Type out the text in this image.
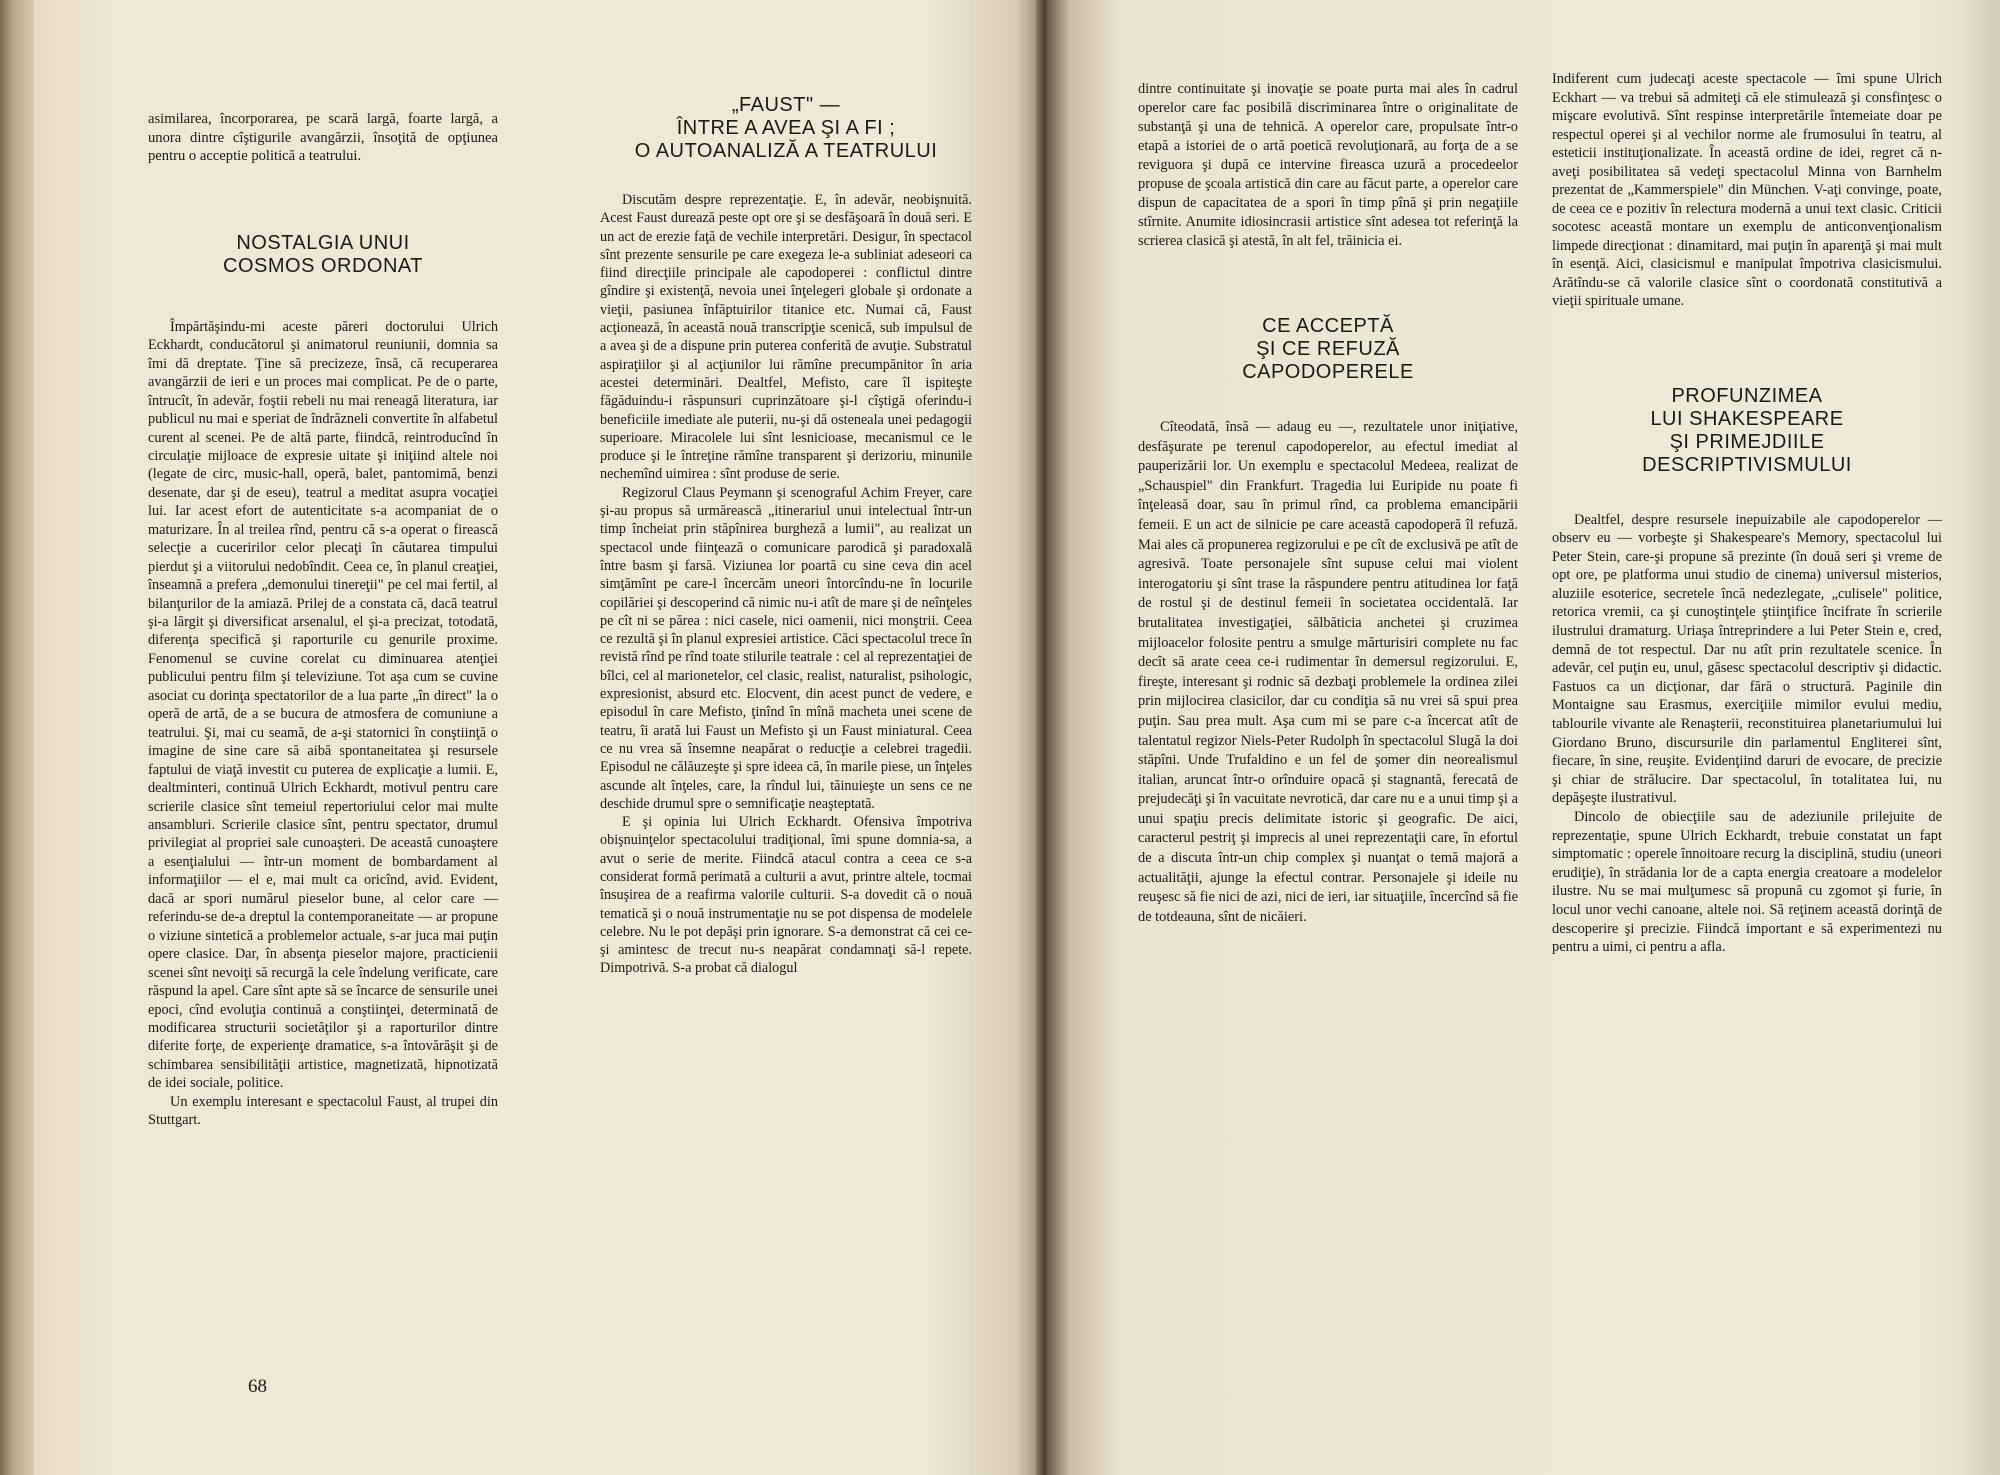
asimilarea, încorporarea, pe scară largă, foarte largă, a unora dintre cîştigurile avangărzii, însoţită de opţiunea pentru o acceptie politică a teatrului.

NOSTALGIA UNUI COSMOS ORDONAT

Împărtăşindu-mi aceste păreri doctorului Ulrich Eckhardt, conducătorul şi animatorul reuniunii, domnia sa îmi dă dreptate. Ţine să precizeze, însă, că recuperarea avangărzii de ieri e un proces mai complicat. Pe de o parte, întrucît, în adevăr, foştii rebeli nu mai reneagă literatura, iar publicul nu mai e speriat de îndrăzneli convertite în alfabetul curent al scenei. Pe de altă parte, fiindcă, reintroducînd în circulaţie mijloace de expresie uitate şi iniţiind altele noi (legate de circ, music-hall, operă, balet, pantomimă, benzi desenate, dar şi de eseu), teatrul a meditat asupra vocaţiei lui. Iar acest efort de autenticitate s-a acompaniat de o maturizare. În al treilea rînd, pentru că s-a operat o firească selecţie a cuceririlor celor plecaţi în căutarea timpului pierdut şi a viitorului nedobîndit. Ceea ce, în planul creaţiei, înseamnă a prefera „demonului tinereţii" pe cel mai fertil, al bilanţurilor de la amiază. Prilej de a constata că, dacă teatrul şi-a lărgit şi diversificat arsenalul, el şi-a precizat, totodată, diferenţa specifică şi raporturile cu genurile proxime. Fenomenul se cuvine corelat cu diminuarea atenţiei publicului pentru film şi televiziune. Tot aşa cum se cuvine asociat cu dorinţa spectatorilor de a lua parte „în direct" la o operă de artă, de a se bucura de atmosfera de comuniune a teatrului. Şi, mai cu seamă, de a-şi statornici în conştiinţă o imagine de sine care să aibă spontaneitatea şi resursele faptului de viaţă investit cu puterea de explicaţie a lumii. E, dealtminteri, continuă Ulrich Eckhardt, motivul pentru care scrierile clasice sînt temeiul repertoriului celor mai multe ansambluri. Scrierile clasice sînt, pentru spectator, drumul privilegiat al propriei sale cunoaşteri. De această cunoaştere a esenţialului — într-un moment de bombardament al informaţiilor — el e, mai mult ca oricînd, avid. Evident, dacă ar spori numărul pieselor bune, al celor care — referindu-se de-a dreptul la contemporaneitate — ar propune o viziune sintetică a problemelor actuale, s-ar juca mai puţin opere clasice. Dar, în absenţa pieselor majore, practicienii scenei sînt nevoiţi să recurgă la cele îndelung verificate, care răspund la apel. Care sînt apte să se încarce de sensurile unei epoci, cînd evoluţia continuă a conştiinţei, determinată de modificarea structurii societăţilor şi a raporturilor dintre diferite forţe, de experienţe dramatice, s-a întovărăşit şi de schimbarea sensibilităţii artistice, magnetizată, hipnotizată de idei sociale, politice.

Un exemplu interesant e spectacolul Faust, al trupei din Stuttgart.

„FAUST" —
ÎNTRE A AVEA ŞI A FI ;
O AUTOANALIZĂ A TEATRULUI

Discutăm despre reprezentaţie. E, în adevăr, neobişnuită. Acest Faust durează peste opt ore şi se desfăşoară în două seri. E un act de erezie faţă de vechile interpretări. Desigur, în spectacol sînt prezente sensurile pe care exegeza le-a subliniat adeseori ca fiind direcţiile principale ale capodoperei : conflictul dintre gîndire şi existenţă, nevoia unei înţelegeri globale şi ordonate a vieţii, pasiunea înfăptuirilor titanice etc. Numai că, Faust acţionează, în această nouă transcripţie scenică, sub impulsul de a avea şi de a dispune prin puterea conferită de avuţie. Substratul aspiraţiilor şi al acţiunilor lui rămîne precumpănitor în aria acestei determinări. Dealtfel, Mefisto, care îl ispiteşte făgăduindu-i răspunsuri cuprinzătoare şi-l cîştigă oferindu-i beneficiile imediate ale puterii, nu-şi dă osteneala unei pedagogii superioare. Miracolele lui sînt lesnicioase, mecanismul ce le produce şi le întreţine rămîne transparent şi derizoriu, minunile nechemînd uimirea : sînt produse de serie.

Regizorul Claus Peymann şi scenograful Achim Freyer, care şi-au propus să urmărească „itinerariul unui intelectual într-un timp încheiat prin stăpînirea burgheză a lumii", au realizat un spectacol unde fiinţează o comunicare parodică şi paradoxală între basm şi farsă. Viziunea lor poartă cu sine ceva din acel simţămînt pe care-l încercăm uneori întorcîndu-ne în locurile copilăriei şi descoperind că nimic nu-i atît de mare şi de neînţeles pe cît ni se părea : nici casele, nici oamenii, nici monştrii. Ceea ce rezultă şi în planul expresiei artistice. Căci spectacolul trece în revistă rînd pe rînd toate stilurile teatrale : cel al reprezentaţiei de bîlci, cel al marionetelor, cel clasic, realist, naturalist, psihologic, expresionist, absurd etc. Elocvent, din acest punct de vedere, e episodul în care Mefisto, ţinînd în mînă macheta unei scene de teatru, îi arată lui Faust un Mefisto şi un Faust miniatural. Ceea ce nu vrea să însemne neapărat o reducţie a celebrei tragedii. Episodul ne călăuzeşte şi spre ideea că, în marile piese, un înţeles ascunde alt înţeles, care, la rîndul lui, tăinuieşte un sens ce ne deschide drumul spre o semnificaţie neaşteptată.

E şi opinia lui Ulrich Eckhardt. Ofensiva împotriva obişnuinţelor spectacolului tradiţional, îmi spune domnia-sa, a avut o serie de merite. Fiindcă atacul contra a ceea ce s-a considerat formă perimată a culturii a avut, printre altele, tocmai însuşirea de a reafirma valorile culturii. S-a dovedit că o nouă tematică şi o nouă instrumentaţie nu se pot dispensa de modelele celebre. Nu le pot depăşi prin ignorare. S-a demonstrat că cei ce-şi amintesc de trecut nu-s neapărat condamnaţi să-l repete. Dimpotrivă. S-a probat că dialogul

68

dintre continuitate şi inovaţie se poate purta mai ales în cadrul operelor care fac posibilă discriminarea între o originalitate de substanţă şi una de tehnică. A operelor care, propulsate într-o etapă a istoriei de o artă poetică revoluţionară, au forţa de a se reviguora şi după ce intervine fireasca uzură a procedeelor propuse de şcoala artistică din care au făcut parte, a operelor care dispun de capacitatea de a spori în timp pînă şi prin negaţiile stîrnite. Anumite idiosincrasii artistice sînt adesea tot referinţă la scrierea clasică şi atestă, în alt fel, trăinicia ei.

CE ACCEPTĂ
ŞI CE REFUZĂ
CAPODOPERELE

Cîteodată, însă — adaug eu —, rezultatele unor iniţiative, desfăşurate pe terenul capodoperelor, au efectul imediat al pauperizării lor. Un exemplu e spectacolul Medeea, realizat de „Schauspiel" din Frankfurt. Tragedia lui Euripide nu poate fi înţeleasă doar, sau în primul rînd, ca problema emancipării femeii. E un act de silnicie pe care această capodoperă îl refuză. Mai ales că propunerea regizorului e pe cît de exclusivă pe atît de agresivă. Toate personajele sînt supuse celui mai violent interogatoriu şi sînt trase la răspundere pentru atitudinea lor faţă de rostul şi de destinul femeii în societatea occidentală. Iar brutalitatea investigaţiei, sălbăticia anchetei şi cruzimea mijloacelor folosite pentru a smulge mărturisiri complete nu fac decît să arate ceea ce-i rudimentar în demersul regizorului. E, fireşte, interesant şi rodnic să dezbaţi problemele la ordinea zilei prin mijlocirea clasicilor, dar cu condiţia să nu vrei să spui prea puţin. Sau prea mult. Aşa cum mi se pare c-a încercat atît de talentatul regizor Niels-Peter Rudolph în spectacolul Slugă la doi stăpîni. Unde Trufaldino e un fel de şomer din neorealismul italian, aruncat într-o orînduire opacă şi stagnantă, ferecată de prejudecăţi şi în vacuitate nevrotică, dar care nu e a unui timp şi a unui spaţiu precis delimitate istoric şi geografic. De aici, caracterul pestriţ şi imprecis al unei reprezentaţii care, în efortul de a discuta într-un chip complex şi nuanţat o temă majoră a actualităţii, ajunge la efectul contrar. Personajele şi ideile nu reuşesc să fie nici de azi, nici de ieri, iar situaţiile, încercînd să fie de totdeauna, sînt de nicăieri.

Indiferent cum judecaţi aceste spectacole — îmi spune Ulrich Eckhart — va trebui să admiteţi că ele stimulează şi consfinţesc o mişcare evolutivă. Sînt respinse interpretările întemeiate doar pe respectul operei şi al vechilor norme ale frumosului în teatru, al esteticii instituţionalizate. În această ordine de idei, regret că n-aveţi posibilitatea să vedeţi spectacolul Minna von Barnhelm prezentat de „Kammerspiele" din München. V-aţi convinge, poate, de ceea ce e pozitiv în relectura modernă a unui text clasic. Criticii socotesc această montare un exemplu de anticonvenţionalism limpede direcţionat : dinamitard, mai puţin în aparenţă şi mai mult în esenţă. Aici, clasicismul e manipulat împotriva clasicismului. Arătîndu-se că valorile clasice sînt o coordonată constitutivă a vieţii spirituale umane.

PROFUNZIMEA
LUI SHAKESPEARE
ŞI PRIMEJDIILE
DESCRIPTIVISMULUI

Dealtfel, despre resursele inepuizabile ale capodoperelor — observ eu — vorbeşte şi Shakespeare's Memory, spectacolul lui Peter Stein, care-şi propune să prezinte (în două seri şi vreme de opt ore, pe platforma unui studio de cinema) universul misterios, aluziile esoterice, secretele încă nedezlegate, „culisele" politice, retorica vremii, ca şi cunoştinţele ştiinţifice încifrate în scrierile ilustrului dramaturg. Uriaşa întreprindere a lui Peter Stein e, cred, demnă de tot respectul. Dar nu atît prin rezultatele scenice. În adevăr, cel puţin eu, unul, găsesc spectacolul descriptiv şi didactic. Fastuos ca un dicţionar, dar fără o structură. Paginile din Montaigne sau Erasmus, exerciţiile mimilor evului mediu, tablourile vivante ale Renaşterii, reconstituirea planetariumului lui Giordano Bruno, discursurile din parlamentul Engliterei sînt, fiecare, în sine, reuşite. Evidenţiind daruri de evocare, de precizie şi chiar de strălucire. Dar spectacolul, în totalitatea lui, nu depăşeşte ilustrativul.

Dincolo de obiecţiile sau de adeziunile prilejuite de reprezentaţie, spune Ulrich Eckhardt, trebuie constatat un fapt simptomatic : operele înnoitoare recurg la disciplină, studiu (uneori erudiţie), în strădania lor de a capta energia creatoare a modelelor ilustre. Nu se mai mulţumesc să propună cu zgomot şi furie, în locul unor vechi canoane, altele noi. Să reţinem această dorinţă de descoperire şi precizie. Fiindcă important e să experimentezi nu pentru a uimi, ci pentru a afla.
